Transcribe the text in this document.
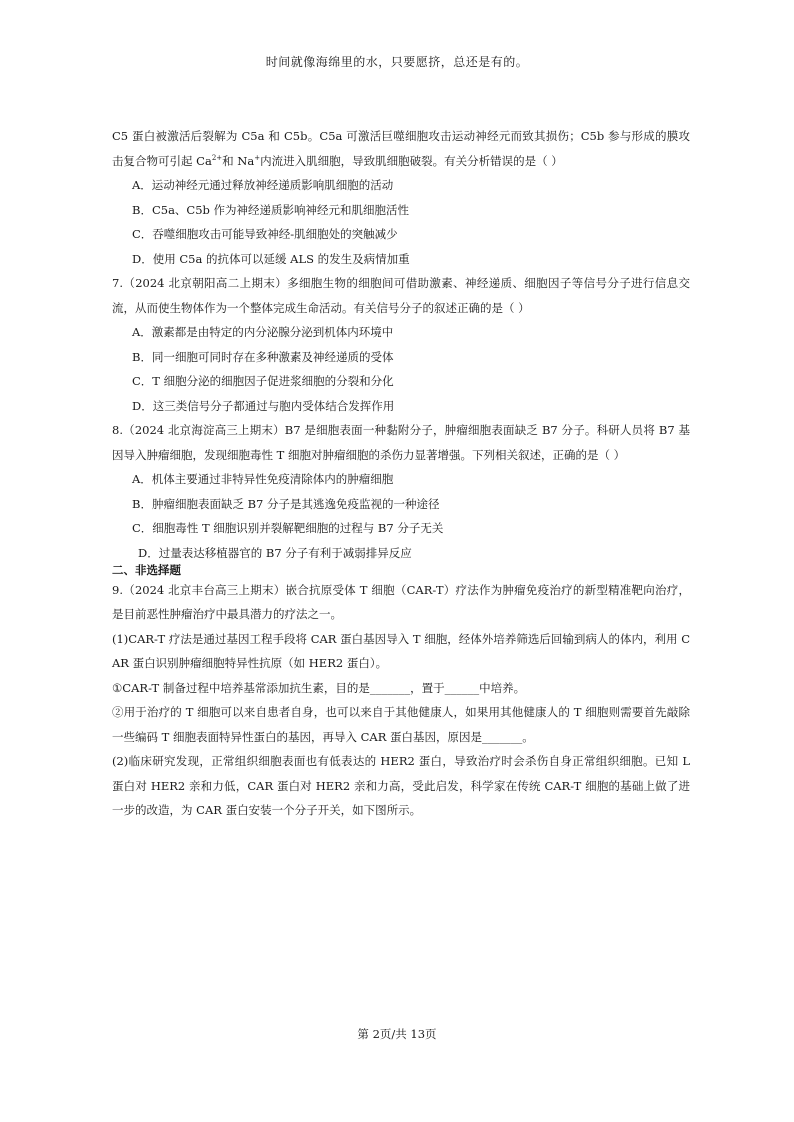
时间就像海绵里的水，只要愿挤，总还是有的。

C5 蛋白被激活后裂解为 C5a 和 C5b。C5a 可激活巨噬细胞攻击运动神经元而致其损伤；C5b 参与形成的膜攻击复合物可引起 $Ca^{2+}$和 Na+内流进入肌细胞，导致肌细胞破裂。有关分析错误的是（ ）

A．运动神经元通过释放神经递质影响肌细胞的活动

B．C5a、C5b 作为神经递质影响神经元和肌细胞活性

C．吞噬细胞攻击可能导致神经-肌细胞处的突触减少

D．使用 C5a 的抗体可以延缓 ALS 的发生及病情加重

7.（2024 北京朝阳高二上期末）多细胞生物的细胞间可借助激素、神经递质、细胞因子等信号分子进行信息交流，从而使生物体作为一个整体完成生命活动。有关信号分子的叙述正确的是（ ）

A．激素都是由特定的内分泌腺分泌到机体内环境中

B．同一细胞可同时存在多种激素及神经递质的受体

C．T 细胞分泌的细胞因子促进浆细胞的分裂和分化

D．这三类信号分子都通过与胞内受体结合发挥作用

8.（2024 北京海淀高三上期末）B7 是细胞表面一种黏附分子，肿瘤细胞表面缺乏 B7 分子。科研人员将 B7 基因导入肿瘤细胞，发现细胞毒性 T 细胞对肿瘤细胞的杀伤力显著增强。下列相关叙述，正确的是（ ）

A．机体主要通过非特异性免疫清除体内的肿瘤细胞

B．肿瘤细胞表面缺乏 B7 分子是其逃逸免疫监视的一种途径

C．细胞毒性 T 细胞识别并裂解靶细胞的过程与 B7 分子无关

D．过量表达移植器官的 B7 分子有利于减弱排异反应

二、非选择题

9.（2024 北京丰台高三上期末）嵌合抗原受体 T 细胞（CAR-T）疗法作为肿瘤免疫治疗的新型精准靶向治疗，是目前恶性肿瘤治疗中最具潜力的疗法之一。

(1)CAR-T 疗法是通过基因工程手段将 CAR 蛋白基因导入 T 细胞，经体外培养筛选后回输到病人的体内，利用 CAR 蛋白识别肿瘤细胞特异性抗原（如 HER2 蛋白）。

①CAR-T 制备过程中培养基常添加抗生素，目的是_______，置于______中培养。

②用于治疗的 T 细胞可以来自患者自身，也可以来自于其他健康人，如果用其他健康人的 T 细胞则需要首先敲除一些编码 T 细胞表面特异性蛋白的基因，再导入 CAR 蛋白基因，原因是_______。

(2)临床研究发现，正常组织细胞表面也有低表达的 HER2 蛋白，导致治疗时会杀伤自身正常组织细胞。已知 L 蛋白对 HER2 亲和力低，CAR 蛋白对 HER2 亲和力高，受此启发，科学家在传统 CAR-T 细胞的基础上做了进一步的改造，为 CAR 蛋白安装一个分子开关，如下图所示。

第 2页/共 13页
